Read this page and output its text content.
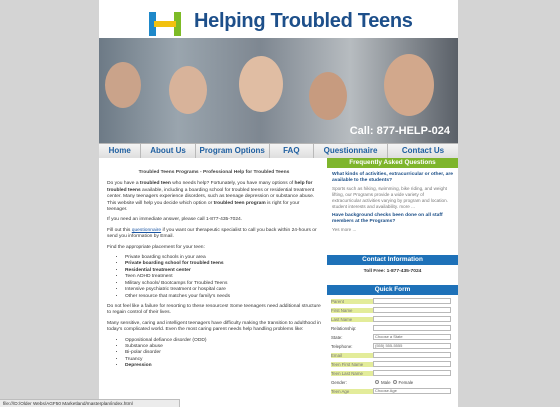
Helping Troubled Teens
Call: 877-HELP-024
Home	About Us	Program Options	FAQ	Questionnaire	Contact Us

Troubled Teens Programs - Professional Help for Troubled Teens

Do you have a troubled teen who needs help? Fortunately, you have many options of help for troubled teens available, including a boarding school for troubled teens or residential treatment center. Many teenagers experience disorders, such as teenage depression or substance abuse. This website will help you decide which option or troubled teen program is right for your teenager.

If you need an immediate answer, please call 1-877-435-7024.

Fill out this questionnaire if you want our therapeutic specialist to call you back within 24-hours or send you information by Email.

Find the appropriate placement for your teen:

• Private boarding schools in your area
• Private boarding school for troubled teens
• Residential treatment center
• Teen ADHD treatment
• Military schools/ Bootcamps for Troubled Teens
• Intensive psychiatric treatment or hospital care
• Other resource that matches your family's needs

Do not feel like a failure for resorting to these resources! Some teenagers need additional structure to regain control of their lives.

Many sensitive, caring and intelligent teenagers have difficulty making the transition to adulthood in today's complicated world. Even the most caring parent needs help handling problems like:

• Oppositional defiance disorder (ODD)
• Substance abuse
• Bi-polar disorder
• Truancy
• Depression
Frequently Asked Questions
What kinds of activities, extracurricular or other, are available to the students?
Sports such as hiking, swimming, bike riding, and weight lifting, our Programs provide a wide variety of extracurricular activities varying by program and location. student interests and availability. more ...
Have background checks been done on all staff members at the Programs?
Yes more ...
Contact Information
Toll Free: 1-877-435-7024
Quick Form
Parent
First Name
Last Name
Relationship:
State:	Choose a State
Telephone:	(555) 555-5555
Email
Teen First Name
Teen Last Name
Gender:	Male Female
Teen Age	Choose Age
file:///D:/Older Webs/AGF50 Marketland/masterplan/index.html
